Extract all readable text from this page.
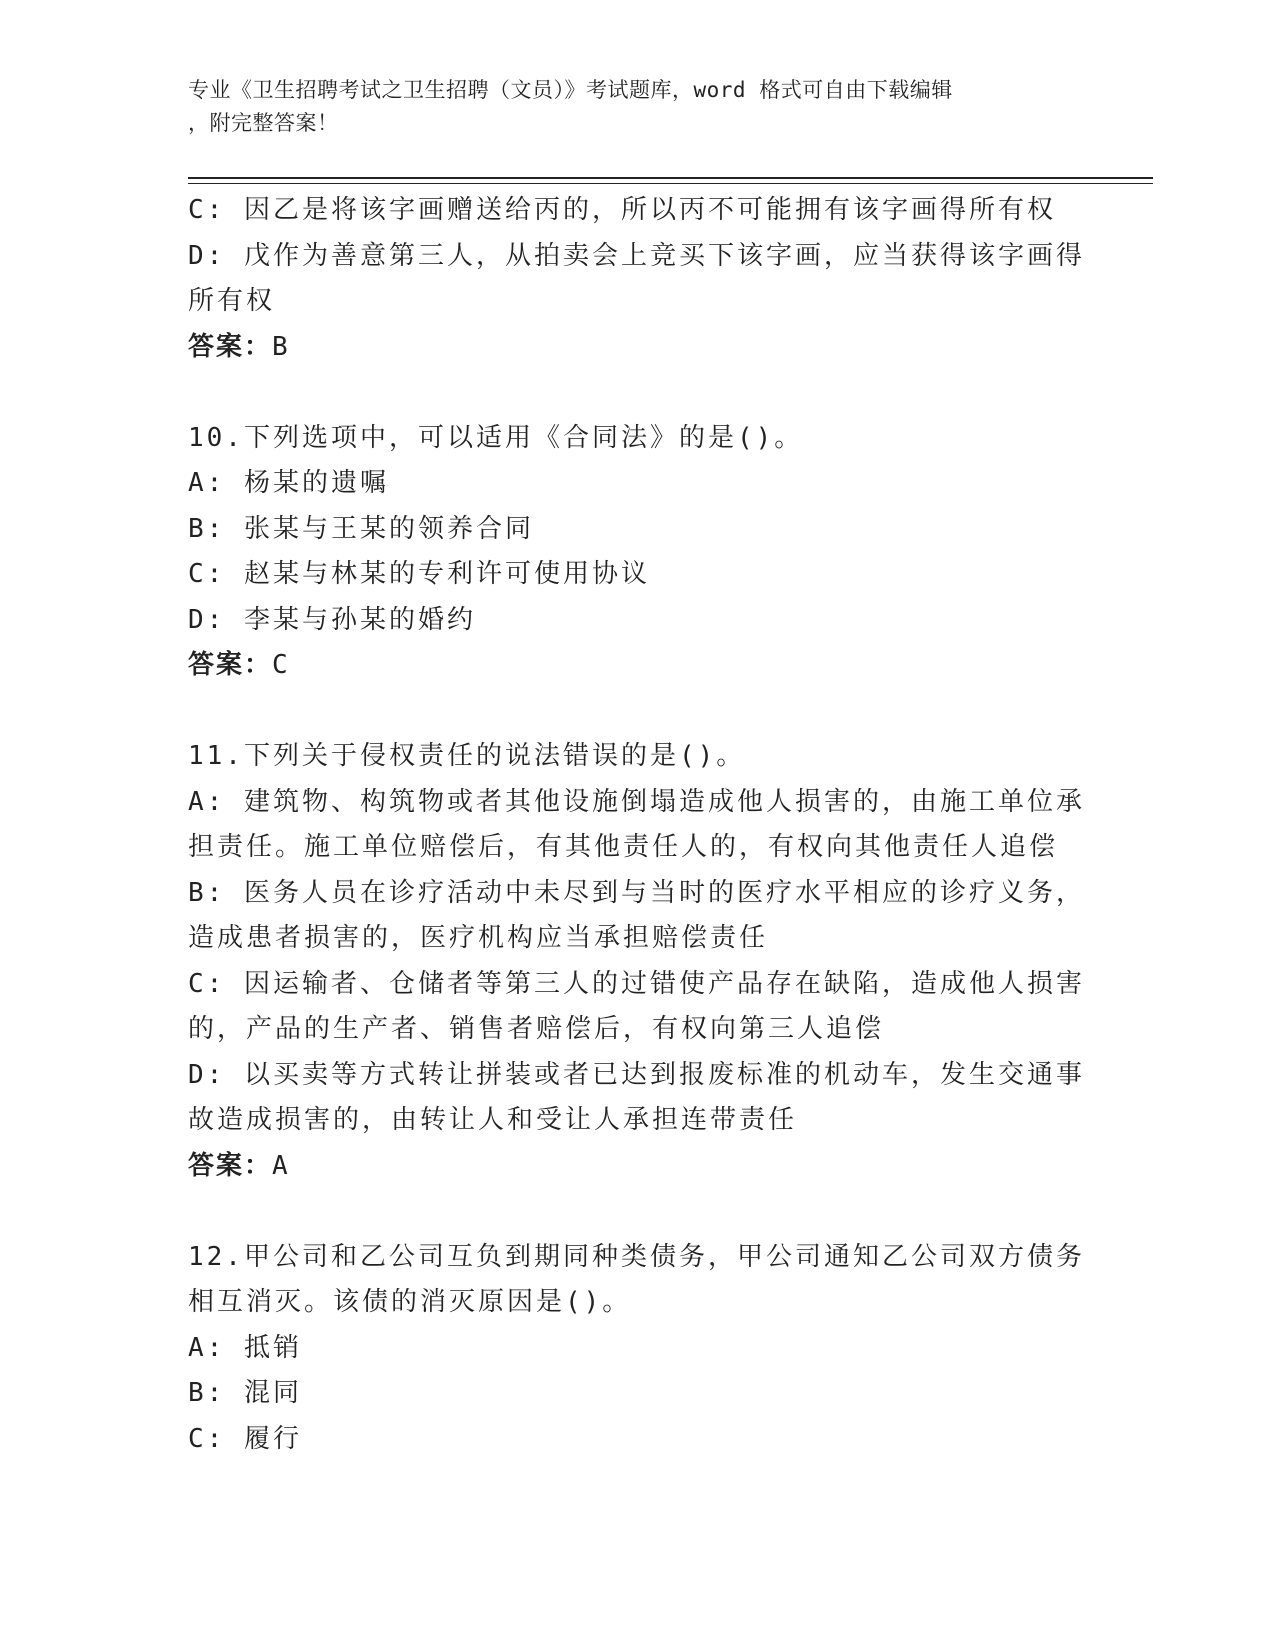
专业《卫生招聘考试之卫生招聘（文员）》考试题库，word 格式可自由下载编辑
，附完整答案！
C: 因乙是将该字画赠送给丙的，所以丙不可能拥有该字画得所有权
D: 戊作为善意第三人，从拍卖会上竞买下该字画，应当获得该字画得
所有权
答案：B
10.下列选项中，可以适用《合同法》的是()。
A: 杨某的遗嘱
B: 张某与王某的领养合同
C: 赵某与林某的专利许可使用协议
D: 李某与孙某的婚约
答案：C
11.下列关于侵权责任的说法错误的是()。
A: 建筑物、构筑物或者其他设施倒塌造成他人损害的，由施工单位承
担责任。施工单位赔偿后，有其他责任人的，有权向其他责任人追偿
B: 医务人员在诊疗活动中未尽到与当时的医疗水平相应的诊疗义务，
造成患者损害的，医疗机构应当承担赔偿责任
C: 因运输者、仓储者等第三人的过错使产品存在缺陷，造成他人损害
的，产品的生产者、销售者赔偿后，有权向第三人追偿
D: 以买卖等方式转让拼装或者已达到报废标准的机动车，发生交通事
故造成损害的，由转让人和受让人承担连带责任
答案：A
12.甲公司和乙公司互负到期同种类债务，甲公司通知乙公司双方债务
相互消灭。该债的消灭原因是()。
A: 抵销
B: 混同
C: 履行
